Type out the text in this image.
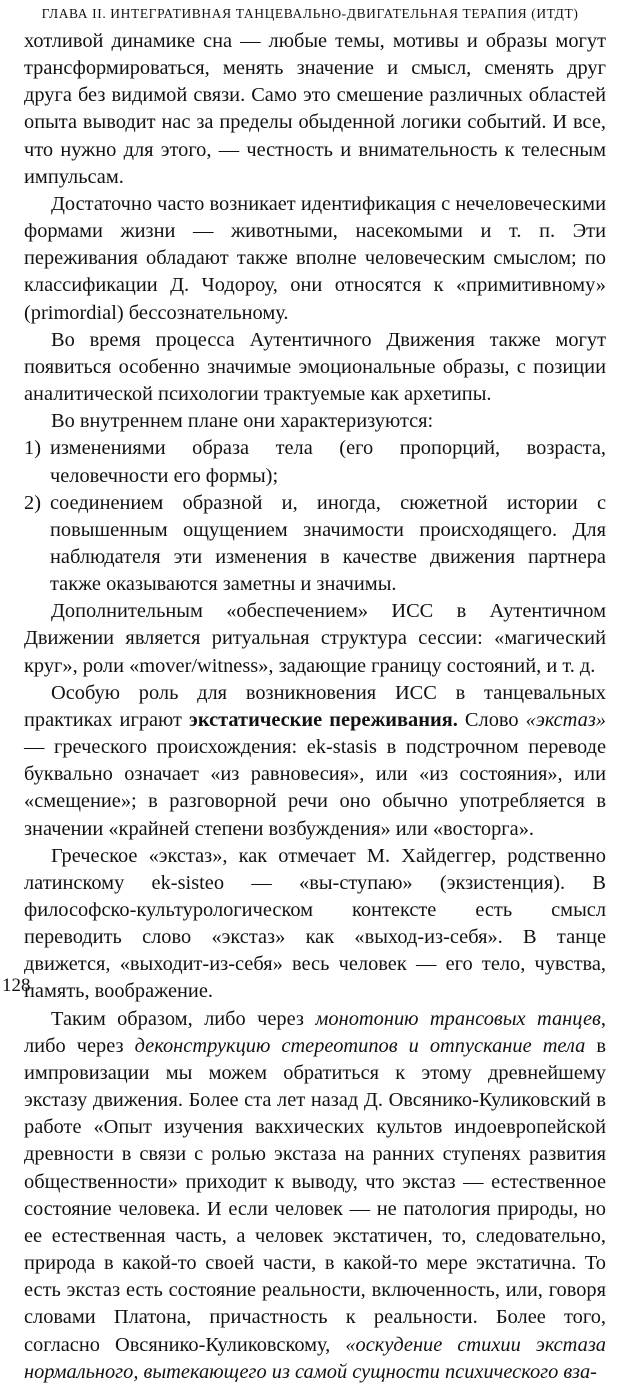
ГЛАВА II. ИНТЕГРАТИВНАЯ ТАНЦЕВАЛЬНО-ДВИГАТЕЛЬНАЯ ТЕРАПИЯ (ИТДТ)

хотливой динамике сна — любые темы, мотивы и образы могут трансформироваться, менять значение и смысл, сменять друг друга без видимой связи. Само это смешение различных областей опыта выводит нас за пределы обыденной логики событий. И все, что нужно для этого, — честность и внимательность к телесным импульсам.

Достаточно часто возникает идентификация с нечеловеческими формами жизни — животными, насекомыми и т. п. Эти переживания обладают также вполне человеческим смыслом; по классификации Д. Чодороу, они относятся к «примитивному» (primordial) бессознательному.

Во время процесса Аутентичного Движения также могут появиться особенно значимые эмоциональные образы, с позиции аналитической психологии трактуемые как архетипы.

Во внутреннем плане они характеризуются:

1) изменениями образа тела (его пропорций, возраста, человечности его формы);
2) соединением образной и, иногда, сюжетной истории с повышенным ощущением значимости происходящего. Для наблюдателя эти изменения в качестве движения партнера также оказываются заметны и значимы.

Дополнительным «обеспечением» ИСС в Аутентичном Движении является ритуальная структура сессии: «магический круг», роли «mover/witness», задающие границу состояний, и т. д.

Особую роль для возникновения ИСС в танцевальных практиках играют экстатические переживания. Слово «экстаз» — греческого происхождения: ek-stasis в подстрочном переводе буквально означает «из равновесия», или «из состояния», или «смещение»; в разговорной речи оно обычно употребляется в значении «крайней степени возбуждения» или «восторга».

Греческое «экстаз», как отмечает М. Хайдеггер, родственно латинскому ek-sisteo — «вы-ступаю» (экзистенция). В философско-культурологическом контексте есть смысл переводить слово «экстаз» как «выход-из-себя». В танце движется, «выходит-из-себя» весь человек — его тело, чувства, память, воображение.

Таким образом, либо через монотонию трансовых танцев, либо через деконструкцию стереотипов и отпускание тела в импровизации мы можем обратиться к этому древнейшему экстазу движения. Более ста лет назад Д. Овсянико-Куликовский в работе «Опыт изучения вакхических культов индоевропейской древности в связи с ролью экстаза на ранних ступенях развития общественности» приходит к выводу, что экстаз — естественное состояние человека. И если человек — не патология природы, но ее естественная часть, а человек экстатичен, то, следовательно, природа в какой-то своей части, в какой-то мере экстатична. То есть экстаз есть состояние реальности, включенность, или, говоря словами Платона, причастность к реальности. Более того, согласно Овсянико-Куликовскому, «оскудение стихии экстаза нормального, вытекающего из самой сущности психического вза-

128
